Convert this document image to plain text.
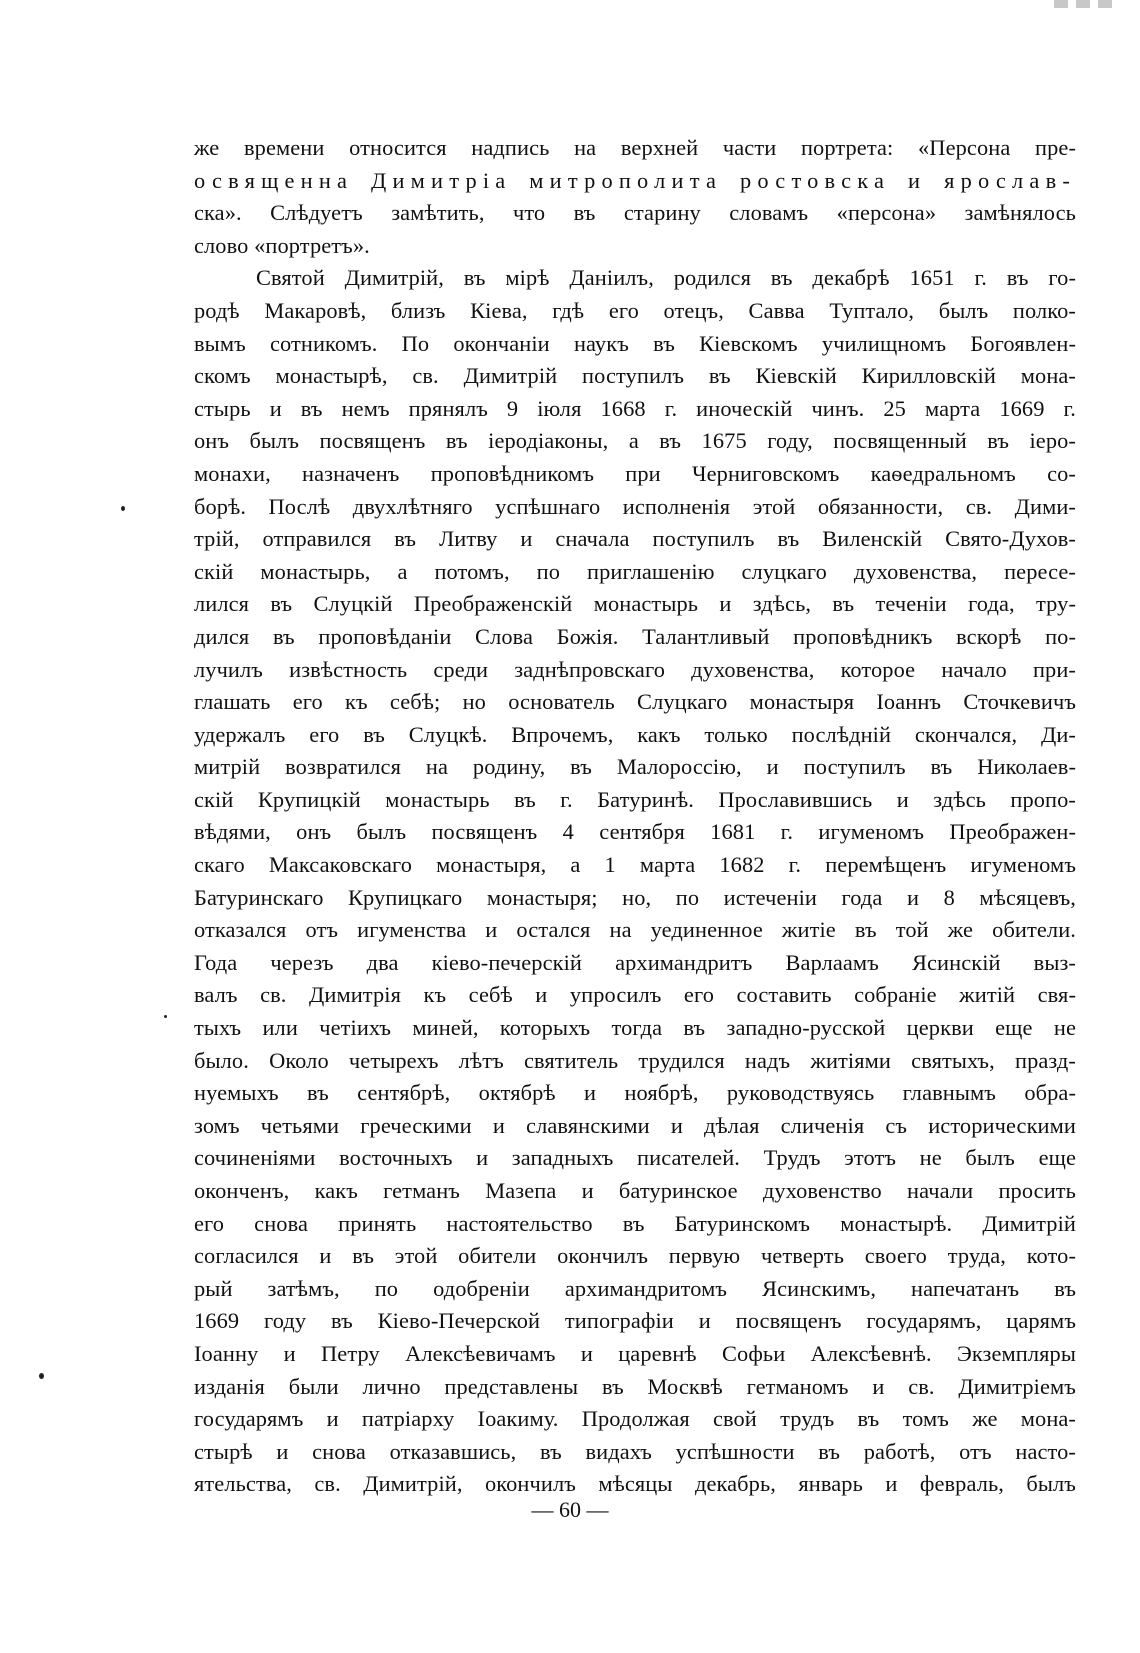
же времени относится надпись на верхней части портрета: «Персона пре-
освященна Димитріа митрополита ростовска и ярослав-
ска». Слѣдуетъ замѣтить, что въ старину словамъ «персона» замѣнялось
слово «портретъ».
Святой Димитрій, въ мірѣ Даніилъ, родился въ декабрѣ 1651 г. въ го-
родѣ Макаровѣ, близъ Кіева, гдѣ его отецъ, Савва Туптало, былъ полко-
вымъ сотникомъ. По окончаніи наукъ въ Кіевскомъ училищномъ Богоявлен-
скомъ монастырѣ, св. Димитрій поступилъ въ Кіевскій Кирилловскій мона-
стырь и въ немъ прянялъ 9 іюля 1668 г. иноческій чинъ. 25 марта 1669 г.
онъ былъ посвященъ въ іеродіаконы, а въ 1675 году, посвященный въ іеро-
монахи, назначенъ проповѣдникомъ при Черниговскомъ каѳедральномъ со-
борѣ. Послѣ двухлѣтняго успѣшнаго исполненія этой обязанности, св. Дими-
трій, отправился въ Литву и сначала поступилъ въ Виленскій Свято-Духов-
скій монастырь, а потомъ, по приглашенію слуцкаго духовенства, пересе-
лился въ Слуцкій Преображенскій монастырь и здѣсь, въ теченіи года, тру-
дился въ проповѣданіи Слова Божія. Талантливый проповѣдникъ вскорѣ по-
лучилъ извѣстность среди заднѣпровскаго духовенства, которое начало при-
глашать его къ себѣ; но основатель Слуцкаго монастыря Іоаннъ Сточкевичъ
удержалъ его въ Слуцкѣ. Впрочемъ, какъ только послѣдній скончался, Ди-
митрій возвратился на родину, въ Малороссію, и поступилъ въ Николаев-
скій Крупицкій монастырь въ г. Батуринѣ. Прославившись и здѣсь пропо-
вѣдями, онъ былъ посвященъ 4 сентября 1681 г. игуменомъ Преображен-
скаго Максаковскаго монастыря, а 1 марта 1682 г. перемѣщенъ игуменомъ
Батуринскаго Крупицкаго монастыря; но, по истеченіи года и 8 мѣсяцевъ,
отказался отъ игуменства и остался на уединенное житіе въ той же обители.
Года черезъ два кіево-печерскій архимандритъ Варлаамъ Ясинскій выз-
валъ св. Димитрія къ себѣ и упросилъ его составить собраніе житій свя-
тыхъ или четіихъ миней, которыхъ тогда въ западно-русской церкви еще не
было. Около четырехъ лѣтъ святитель трудился надъ житіями святыхъ, празд-
нуемыхъ въ сентябрѣ, октябрѣ и ноябрѣ, руководствуясь главнымъ обра-
зомъ четьями греческими и славянскими и дѣлая сличенія съ историческими
сочиненіями восточныхъ и западныхъ писателей. Трудъ этотъ не былъ еще
оконченъ, какъ гетманъ Мазепа и батуринское духовенство начали просить
его снова принять настоятельство въ Батуринскомъ монастырѣ. Димитрій
согласился и въ этой обители окончилъ первую четверть своего труда, кото-
рый затѣмъ, по одобреніи архимандритомъ Ясинскимъ, напечатанъ въ
1669 году въ Кіево-Печерской типографіи и посвященъ государямъ, царямъ
Іоанну и Петру Алексѣевичамъ и царевнѣ Софьи Алексѣевнѣ. Экземпляры
изданія были лично представлены въ Москвѣ гетманомъ и св. Димитріемъ
государямъ и патріарху Іоакиму. Продолжая свой трудъ въ томъ же мона-
стырѣ и снова отказавшись, въ видахъ успѣшности въ работѣ, отъ насто-
ятельства, св. Димитрій, окончилъ мѣсяцы декабрь, январь и февраль, былъ
— 60 —
